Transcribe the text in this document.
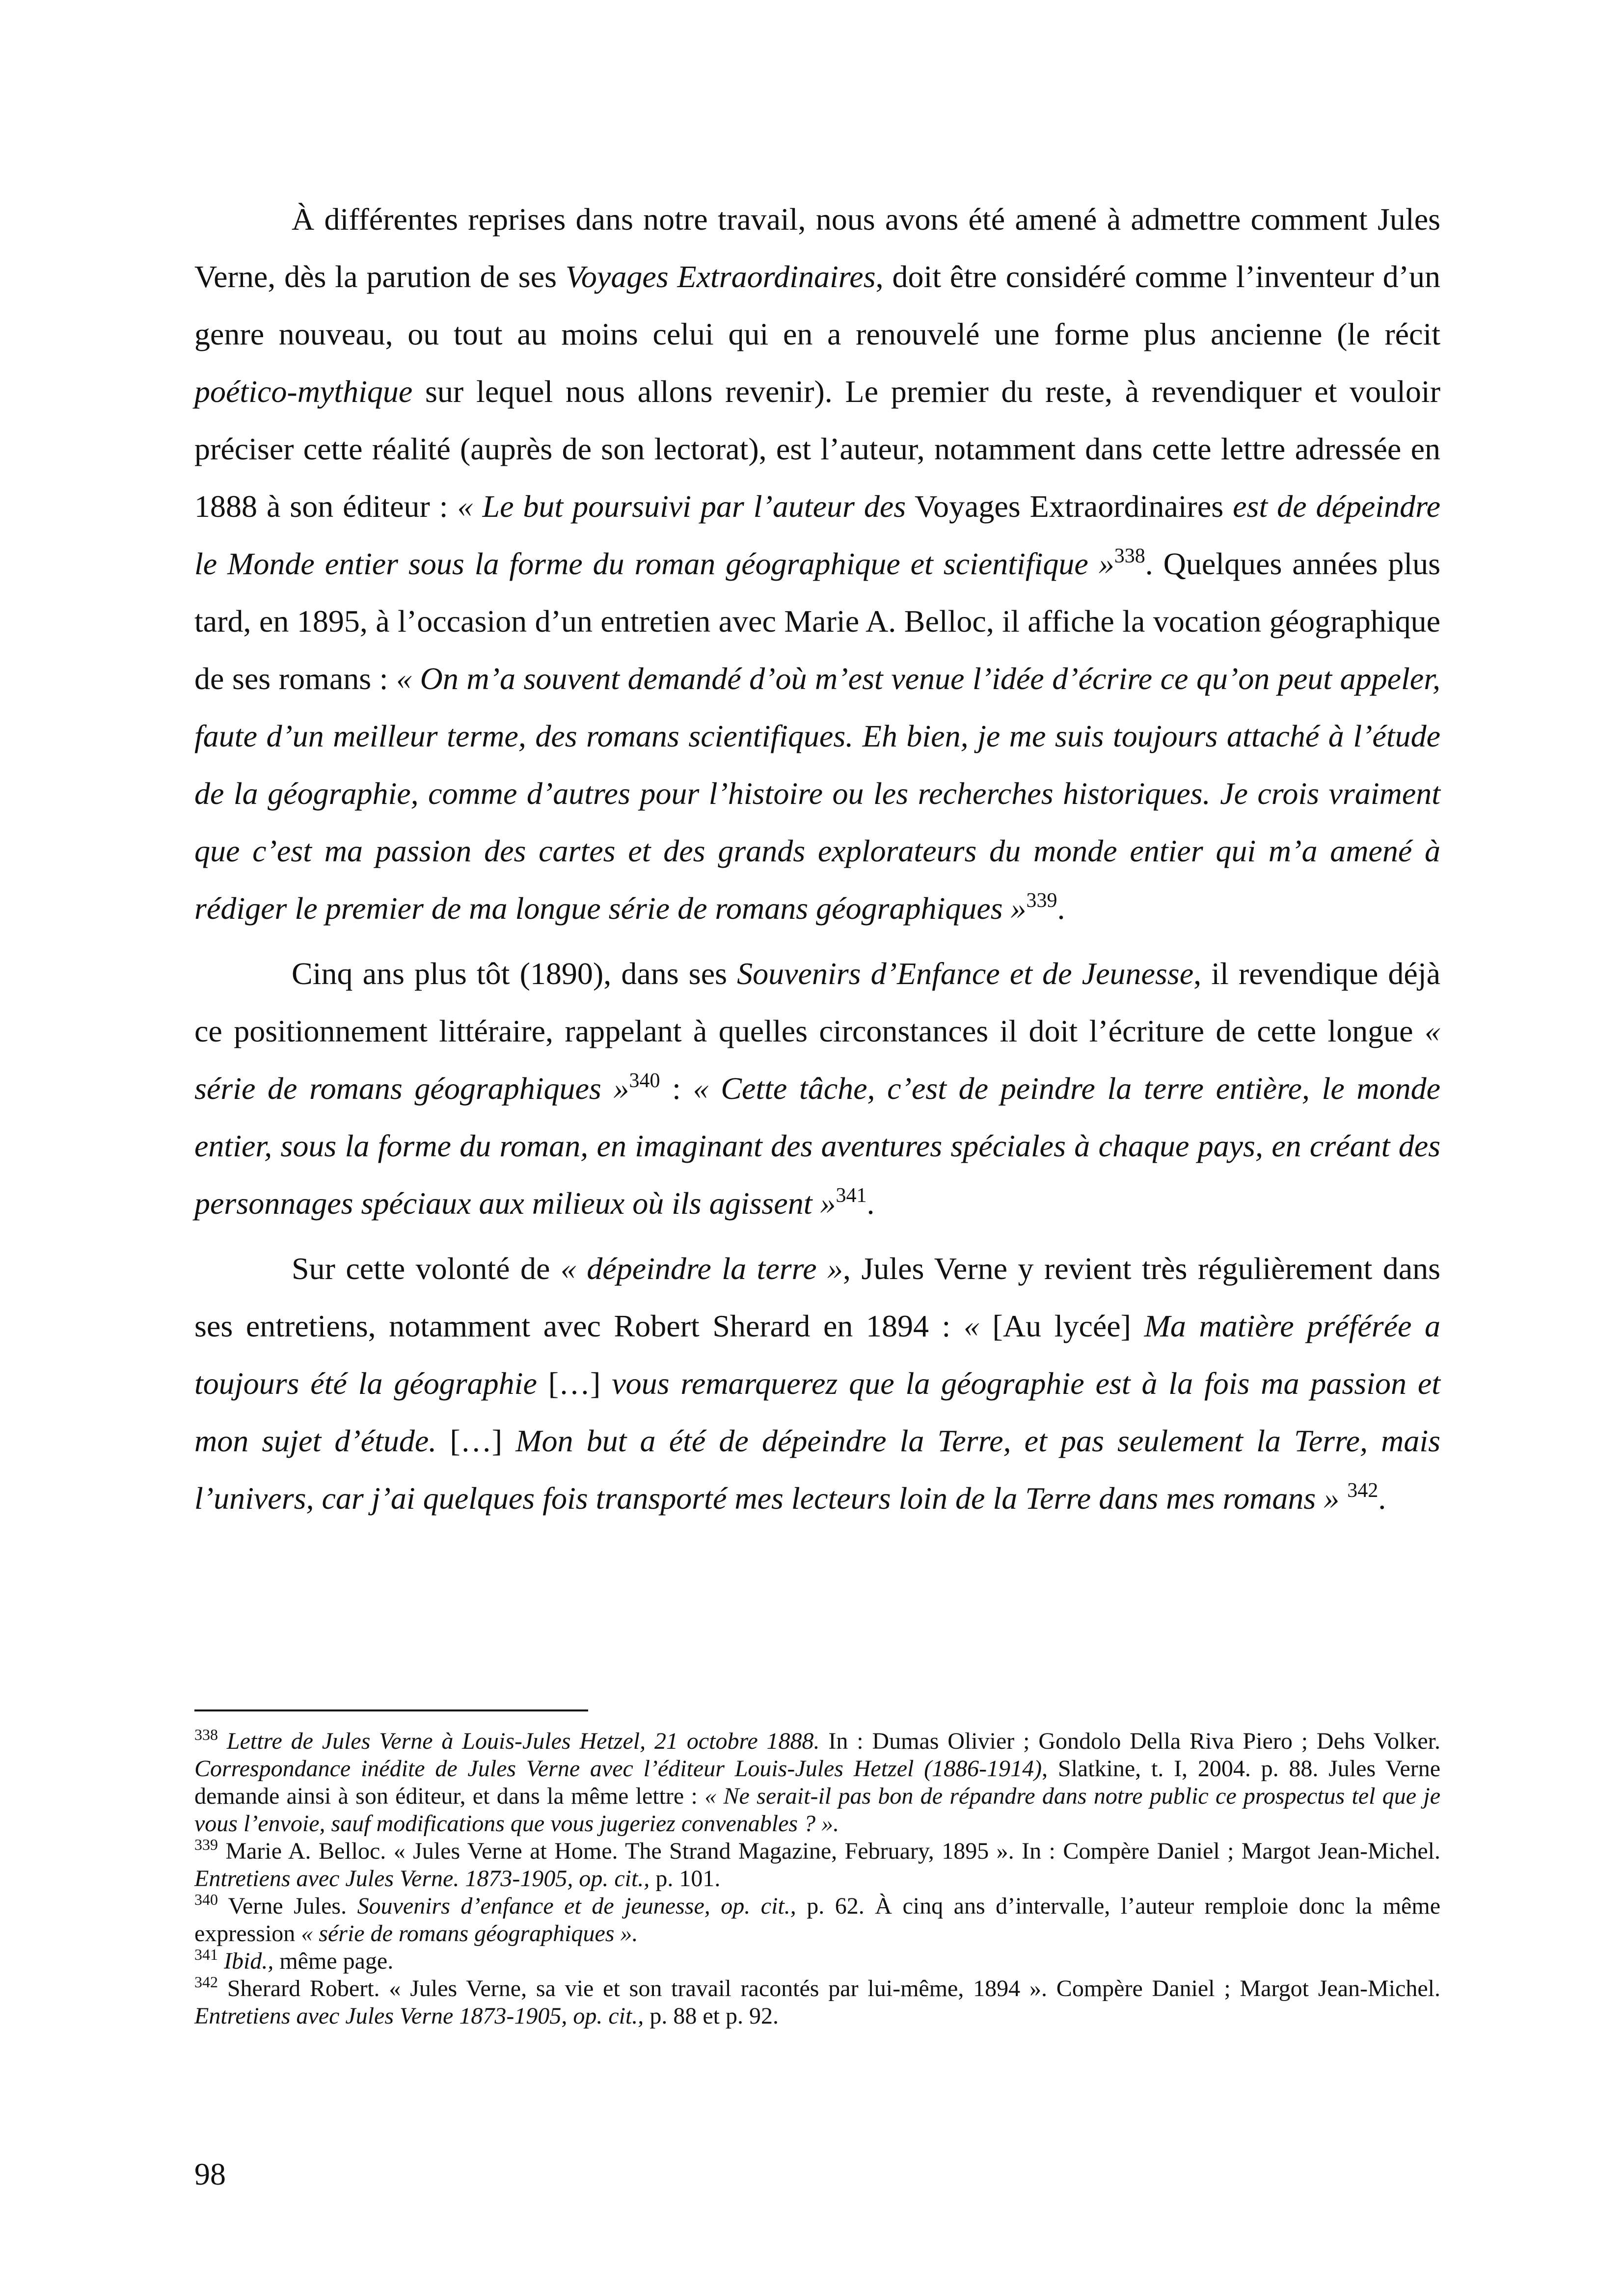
À différentes reprises dans notre travail, nous avons été amené à admettre comment Jules Verne, dès la parution de ses Voyages Extraordinaires, doit être considéré comme l’inventeur d’un genre nouveau, ou tout au moins celui qui en a renouvelé une forme plus ancienne (le récit poético-mythique sur lequel nous allons revenir). Le premier du reste, à revendiquer et vouloir préciser cette réalité (auprès de son lectorat), est l’auteur, notamment dans cette lettre adressée en 1888 à son éditeur : « Le but poursuivi par l’auteur des Voyages Extraordinaires est de dépeindre le Monde entier sous la forme du roman géographique et scientifique »$^{338}$. Quelques années plus tard, en 1895, à l’occasion d’un entretien avec Marie A. Belloc, il affiche la vocation géographique de ses romans : « On m’a souvent demandé d’où m’est venue l’idée d’écrire ce qu’on peut appeler, faute d’un meilleur terme, des romans scientifiques. Eh bien, je me suis toujours attaché à l’étude de la géographie, comme d’autres pour l’histoire ou les recherches historiques. Je crois vraiment que c’est ma passion des cartes et des grands explorateurs du monde entier qui m’a amené à rédiger le premier de ma longue série de romans géographiques »$^{339}$.

Cinq ans plus tôt (1890), dans ses Souvenirs d’Enfance et de Jeunesse, il revendique déjà ce positionnement littéraire, rappelant à quelles circonstances il doit l’écriture de cette longue « série de romans géographiques »$^{340}$ : « Cette tâche, c’est de peindre la terre entière, le monde entier, sous la forme du roman, en imaginant des aventures spéciales à chaque pays, en créant des personnages spéciaux aux milieux où ils agissent »$^{341}$.

Sur cette volonté de « dépeindre la terre », Jules Verne y revient très régulièrement dans ses entretiens, notamment avec Robert Sherard en 1894 : « [Au lycée] Ma matière préférée a toujours été la géographie […] vous remarquerez que la géographie est à la fois ma passion et mon sujet d’étude. […] Mon but a été de dépeindre la Terre, et pas seulement la Terre, mais l’univers, car j’ai quelques fois transporté mes lecteurs loin de la Terre dans mes romans » $^{342}$.

$^{338}$ Lettre de Jules Verne à Louis-Jules Hetzel, 21 octobre 1888. In : Dumas Olivier ; Gondolo Della Riva Piero ; Dehs Volker. Correspondance inédite de Jules Verne avec l’éditeur Louis-Jules Hetzel (1886-1914), Slatkine, t. I, 2004. p. 88. Jules Verne demande ainsi à son éditeur, et dans la même lettre : « Ne serait-il pas bon de répandre dans notre public ce prospectus tel que je vous l’envoie, sauf modifications que vous jugeriez convenables ? ».
$^{339}$ Marie A. Belloc. « Jules Verne at Home. The Strand Magazine, February, 1895 ». In : Compère Daniel ; Margot Jean-Michel. Entretiens avec Jules Verne. 1873-1905, op. cit., p. 101.
$^{340}$ Verne Jules. Souvenirs d’enfance et de jeunesse, op. cit., p. 62. À cinq ans d’intervalle, l’auteur remploie donc la même expression « série de romans géographiques ».
$^{341}$ Ibid., même page.
$^{342}$ Sherard Robert. « Jules Verne, sa vie et son travail racontés par lui-même, 1894 ». Compère Daniel ; Margot Jean-Michel. Entretiens avec Jules Verne 1873-1905, op. cit., p. 88 et p. 92.
98
